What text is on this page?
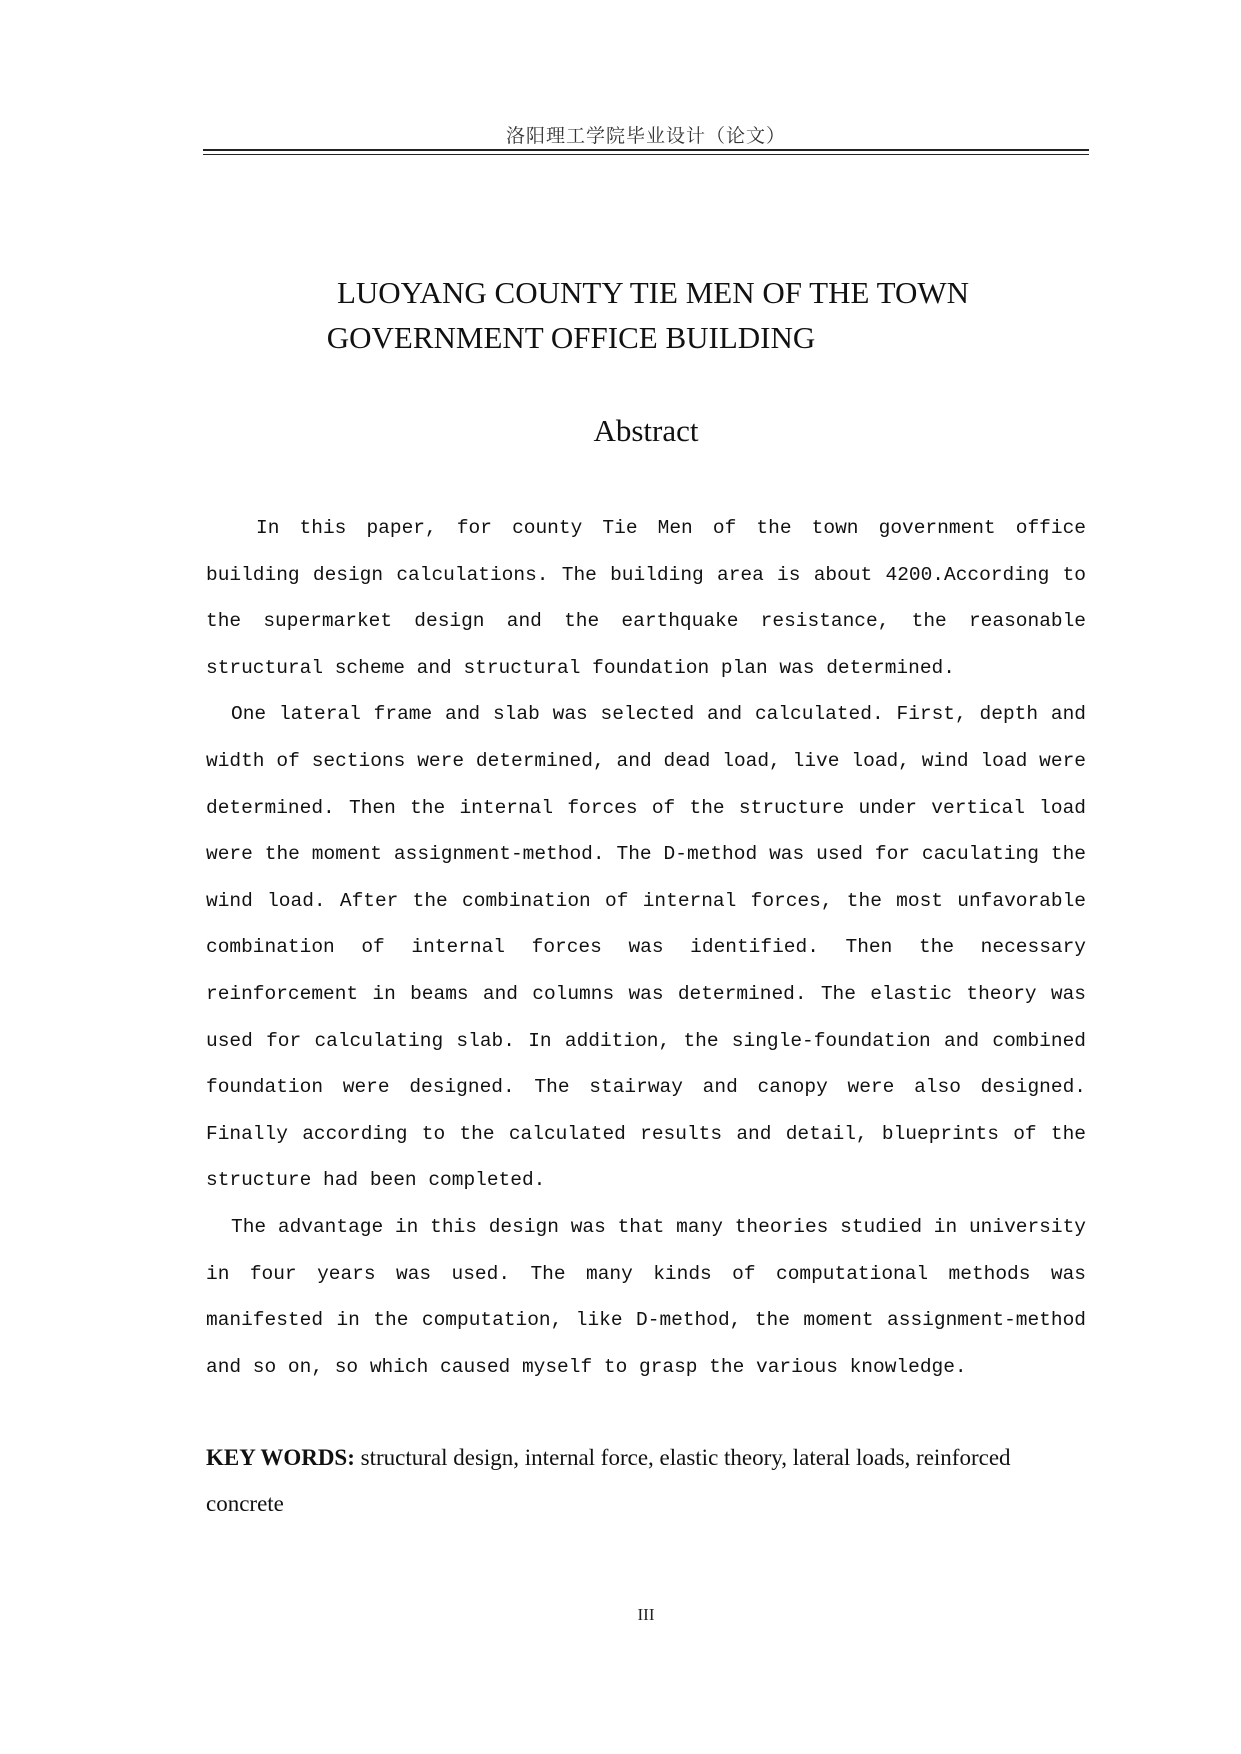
洛阳理工学院毕业设计（论文）
LUOYANG COUNTY TIE MEN OF THE TOWN
GOVERNMENT OFFICE BUILDING
Abstract

In this paper, for county Tie Men of the town government office building design calculations. The building area is about 4200.According to the supermarket design and the earthquake resistance, the reasonable structural scheme and structural foundation plan was determined.

One lateral frame and slab was selected and calculated. First, depth and width of sections were determined, and dead load, live load, wind load were determined. Then the internal forces of the structure under vertical load were the moment assignment-method. The D-method was used for caculating the wind load. After the combination of internal forces, the most unfavorable combination of internal forces was identified. Then the necessary reinforcement in beams and columns was determined. The elastic theory was used for calculating slab. In addition, the single-foundation and combined foundation were designed. The stairway and canopy were also designed. Finally according to the calculated results and detail, blueprints of the structure had been completed.

The advantage in this design was that many theories studied in university in four years was used. The many kinds of computational methods was manifested in the computation, like D-method, the moment assignment-method and so on, so which caused myself to grasp the various knowledge.

KEY WORDS: structural design, internal force, elastic theory, lateral loads, reinforced concrete
III
